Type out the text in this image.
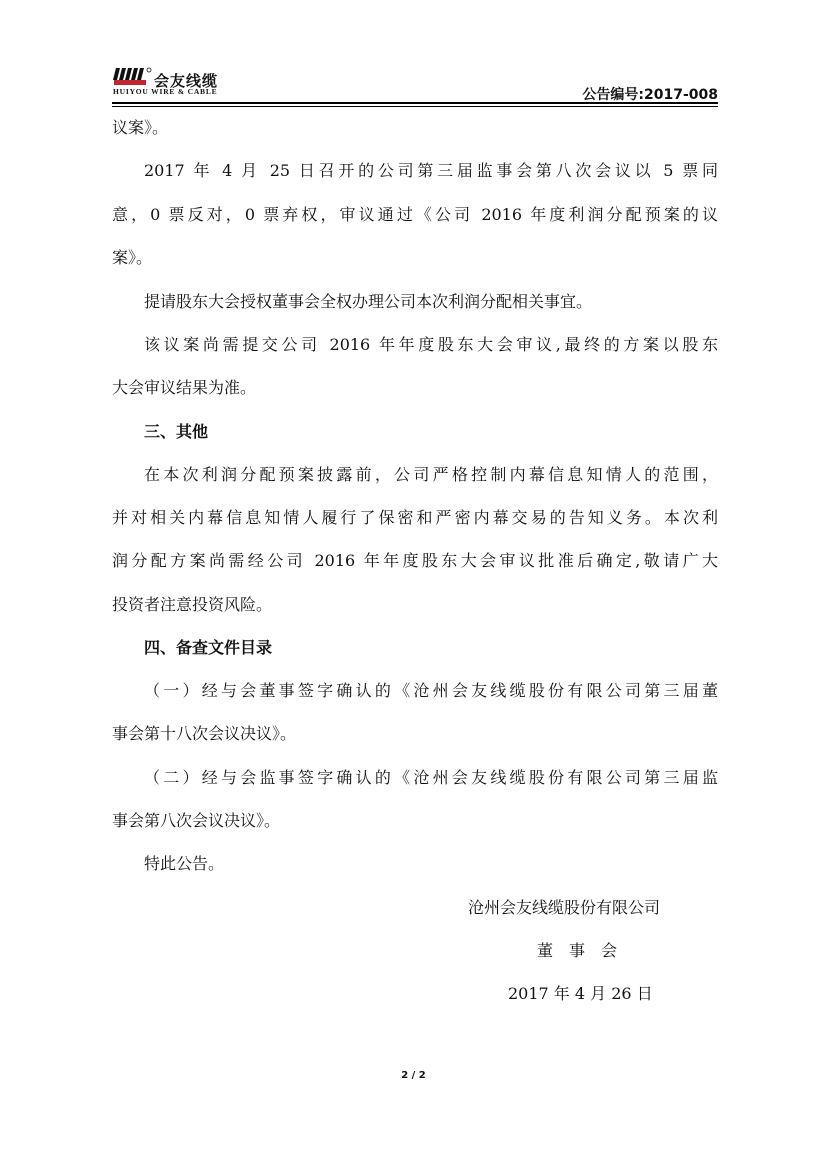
会友线缆
HUIYOU WIRE & CABLE	公告编号:2017-008
议案》。
2017 年 4 月 25 日召开的公司第三届监事会第八次会议以 5 票同
意，0 票反对，0 票弃权，审议通过《公司 2016 年度利润分配预案的议
案》。
提请股东大会授权董事会全权办理公司本次利润分配相关事宜。
该议案尚需提交公司 2016 年年度股东大会审议,最终的方案以股东
大会审议结果为准。
三、其他
在本次利润分配预案披露前，公司严格控制内幕信息知情人的范围，
并对相关内幕信息知情人履行了保密和严密内幕交易的告知义务。本次利
润分配方案尚需经公司 2016 年年度股东大会审议批准后确定,敬请广大
投资者注意投资风险。
四、备查文件目录
（一）经与会董事签字确认的《沧州会友线缆股份有限公司第三届董
事会第十八次会议决议》。
（二）经与会监事签字确认的《沧州会友线缆股份有限公司第三届监
事会第八次会议决议》。
特此公告。
沧州会友线缆股份有限公司
董　事　会
2017 年 4 月 26 日
2 / 2
